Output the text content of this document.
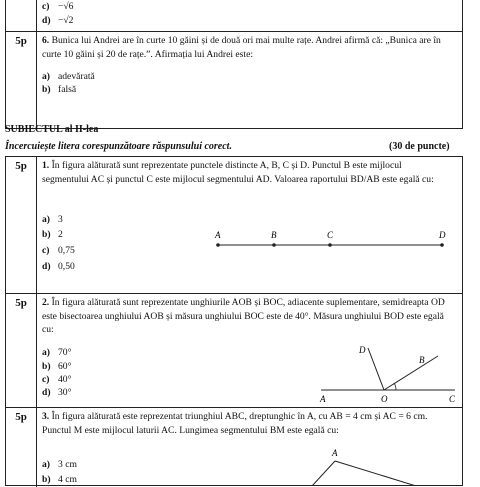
c) −√6
d) −√2
5p	6. Bunica lui Andrei are în curte 10 găini și de două ori mai multe rațe. Andrei afirmă că: „Bunica are în curte 10 găini și 20 de rațe.”. Afirmația lui Andrei este:
a) adevărată
b) falsă
SUBIECTUL al II-lea
Încercuiește litera corespunzătoare răspunsului corect.	(30 de puncte)
5p	1. În figura alăturată sunt reprezentate punctele distincte A, B, C și D. Punctul B este mijlocul segmentului AC și punctul C este mijlocul segmentului AD. Valoarea raportului BD/AB este egală cu:
a) 3
b) 2
c) 0,75
d) 0,50
A	B	C	D
5p	2. În figura alăturată sunt reprezentate unghiurile AOB și BOC, adiacente suplementare, semidreapta OD este bisectoarea unghiului AOB și măsura unghiului BOC este de 40°. Măsura unghiului BOD este egală cu:
a) 70°
b) 60°
c) 40°
d) 30°
D
B
A	O	C
5p	3. În figura alăturată este reprezentat triunghiul ABC, dreptunghic în A, cu AB = 4 cm și AC = 6 cm. Punctul M este mijlocul laturii AC. Lungimea segmentului BM este egală cu:
a) 3 cm
b) 4 cm
A
